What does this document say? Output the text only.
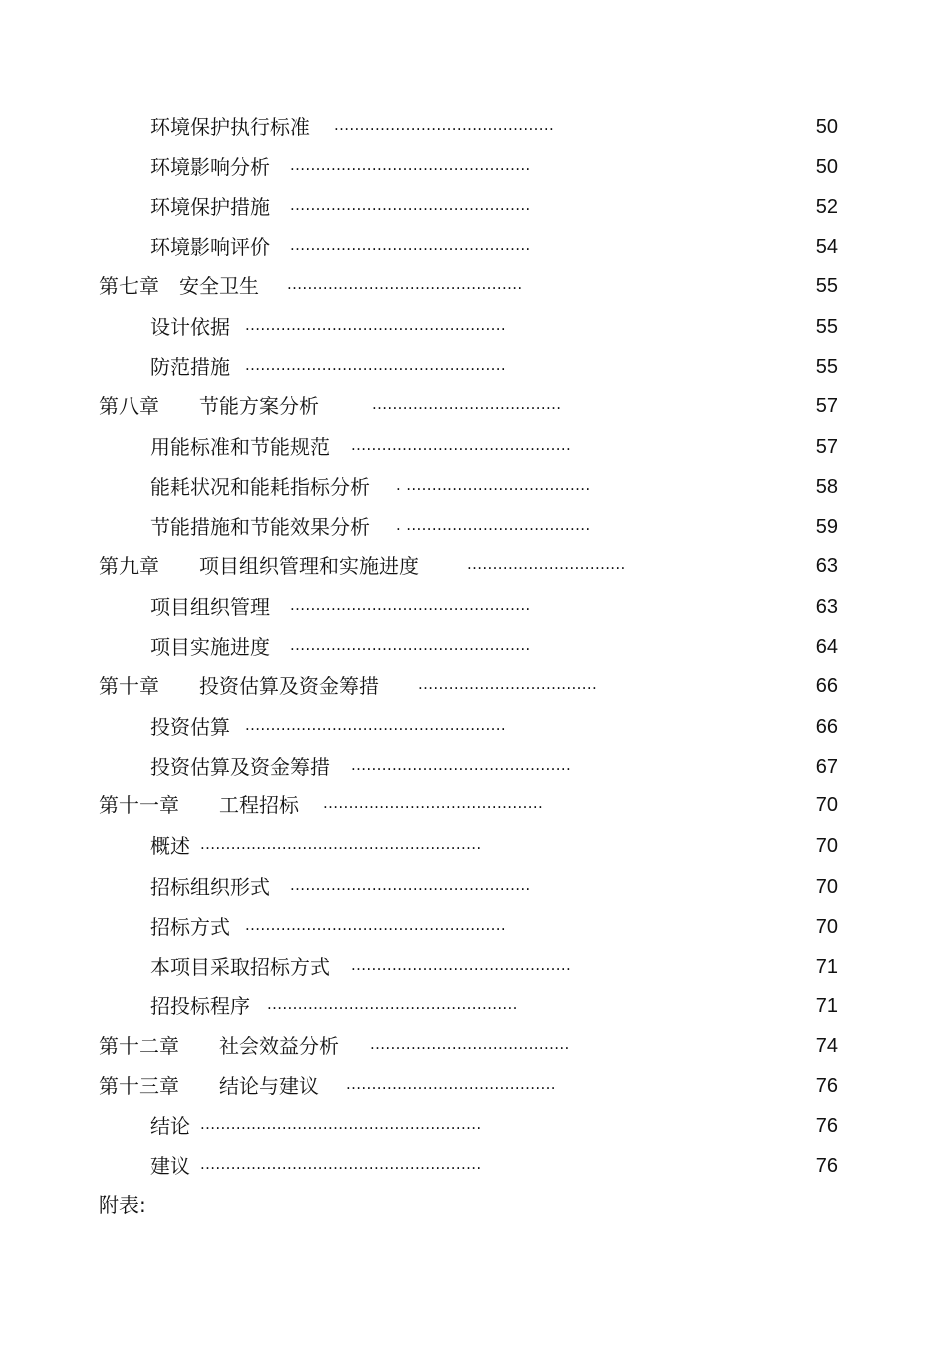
环境保护执行标准 ...........................................	50
环境影响分析 ...............................................	50
环境保护措施 ...............................................	52
环境影响评价 ...............................................	54
第七章　安全卫生 ..............................................	55
设计依据 ...................................................	55
防范措施 ...................................................	55
第八章　　节能方案分析	.....................................	57
用能标准和节能规范 ...........................................	57
能耗状况和能耗指标分析 . ....................................	58
节能措施和节能效果分析 . ....................................	59
第九章　　项目组织管理和实施进度	...............................	63
项目组织管理 ...............................................	63
项目实施进度 ...............................................	64
第十章　　投资估算及资金筹措	...................................	66
投资估算 ...................................................	66
投资估算及资金筹措 ...........................................	67
第十一章　　工程招标 ...........................................	70
概述 .......................................................	70
招标组织形式 ...............................................	70
招标方式 ...................................................	70
本项目采取招标方式 ...........................................	71
招投标程序 .................................................	71
第十二章　　社会效益分析 .......................................	74
第十三章　　结论与建议 .........................................	76
结论 .......................................................	76
建议 .......................................................	76
附表:
